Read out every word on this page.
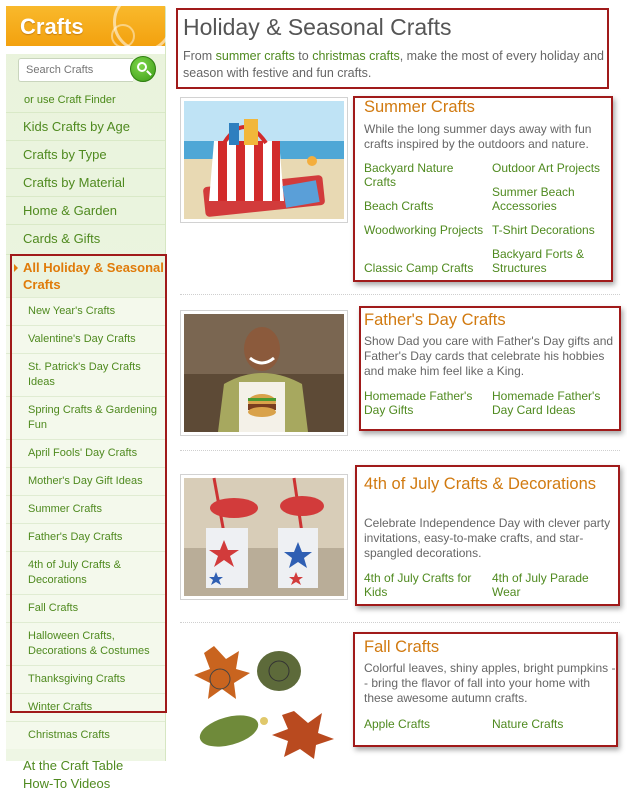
Crafts
Search Crafts
or use Craft Finder
Kids Crafts by Age
Crafts by Type
Crafts by Material
Home & Garden
Cards & Gifts
All Holiday & Seasonal Crafts
New Year's Crafts
Valentine's Day Crafts
St. Patrick's Day Crafts Ideas
Spring Crafts & Gardening Fun
April Fools' Day Crafts
Mother's Day Gift Ideas
Summer Crafts
Father's Day Crafts
4th of July Crafts & Decorations
Fall Crafts
Halloween Crafts, Decorations & Costumes
Thanksgiving Crafts
Winter Crafts
Christmas Crafts
At the Craft Table
How-To Videos
Holiday & Seasonal Crafts
From summer crafts to christmas crafts, make the most of every holiday and season with festive and fun crafts.
Summer Crafts
While the long summer days away with fun crafts inspired by the outdoors and nature.
Backyard Nature Crafts
Outdoor Art Projects
Beach Crafts
Summer Beach Accessories
Woodworking Projects T-Shirt Decorations
Classic Camp Crafts
Backyard Forts & Structures
Father's Day Crafts
Show Dad you care with Father's Day gifts and Father's Day cards that celebrate his hobbies and make him feel like a King.
Homemade Father's Day Gifts
Homemade Father's Day Card Ideas
4th of July Crafts & Decorations
Celebrate Independence Day with clever party invitations, easy-to-make crafts, and star-spangled decorations.
4th of July Crafts for Kids
4th of July Parade Wear
Fall Crafts
Colorful leaves, shiny apples, bright pumpkins -- bring the flavor of fall into your home with these awesome autumn crafts.
Apple Crafts	Nature Crafts
